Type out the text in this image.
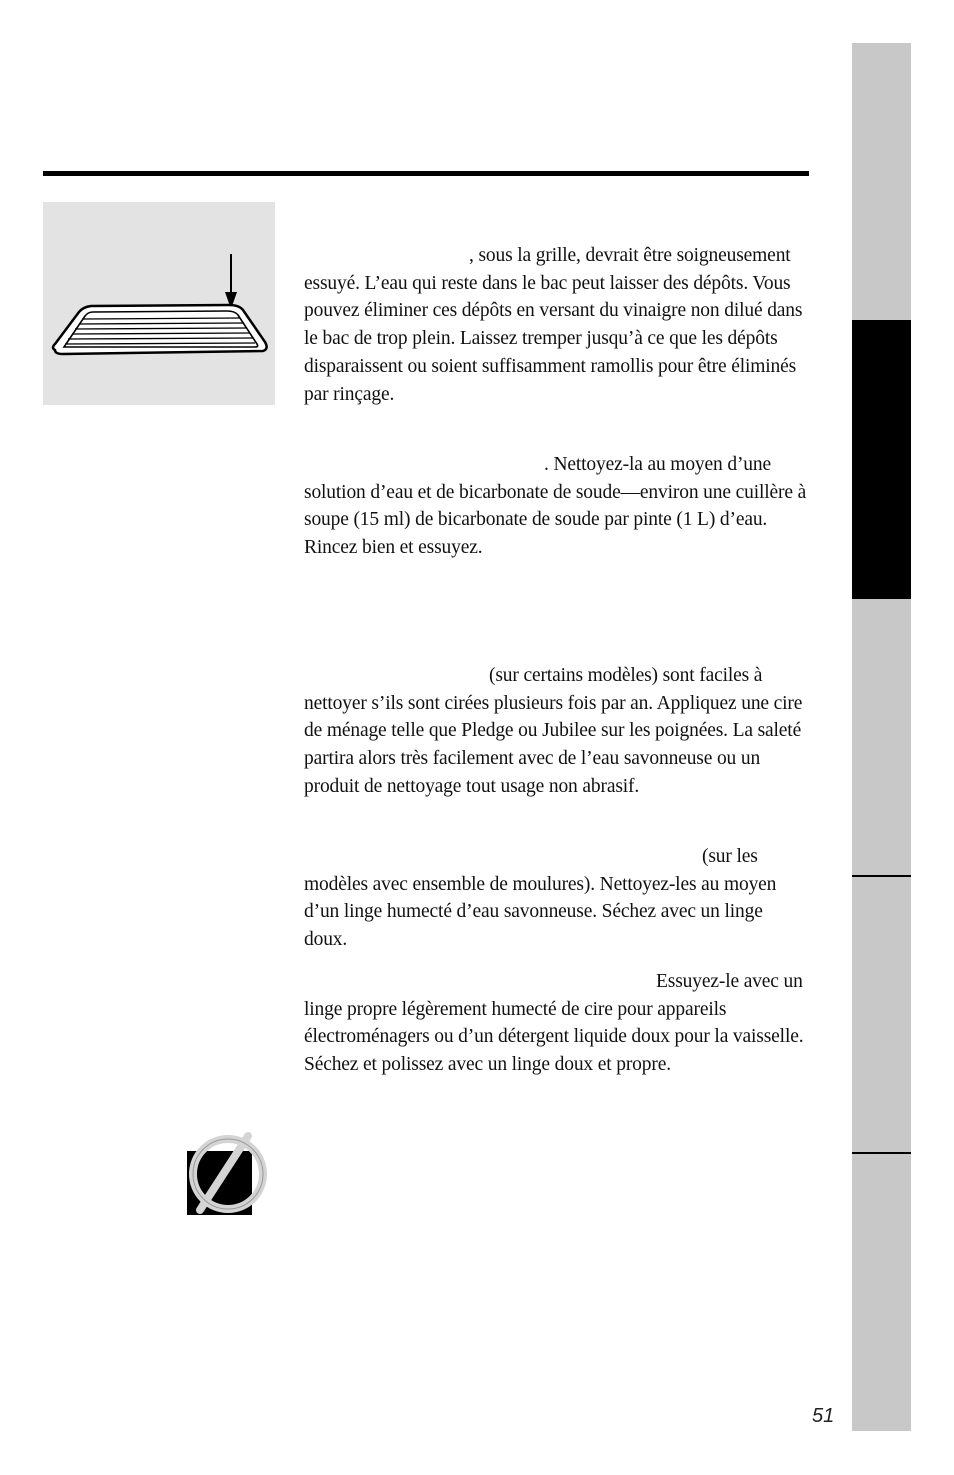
, sous la grille, devrait être soigneusement essuyé. L’eau qui reste dans le bac peut laisser des dépôts. Vous pouvez éliminer ces dépôts en versant du vinaigre non dilué dans le bac de trop plein. Laissez tremper jusqu’à ce que les dépôts disparaissent ou soient suffisamment ramollis pour être éliminés par rinçage.

. Nettoyez-la au moyen d’une solution d’eau et de bicarbonate de soude—environ une cuillère à soupe (15 ml) de bicarbonate de soude par pinte (1 L) d’eau. Rincez bien et essuyez.

(sur certains modèles) sont faciles à nettoyer s’ils sont cirées plusieurs fois par an. Appliquez une cire de ménage telle que Pledge ou Jubilee sur les poignées. La saleté partira alors très facilement avec de l’eau savonneuse ou un produit de nettoyage tout usage non abrasif.

(sur les modèles avec ensemble de moulures). Nettoyez-les au moyen d’un linge humecté d’eau savonneuse. Séchez avec un linge doux.

Essuyez-le avec un linge propre légèrement humecté de cire pour appareils électroménagers ou d’un détergent liquide doux pour la vaisselle. Séchez et polissez avec un linge doux et propre.

51
